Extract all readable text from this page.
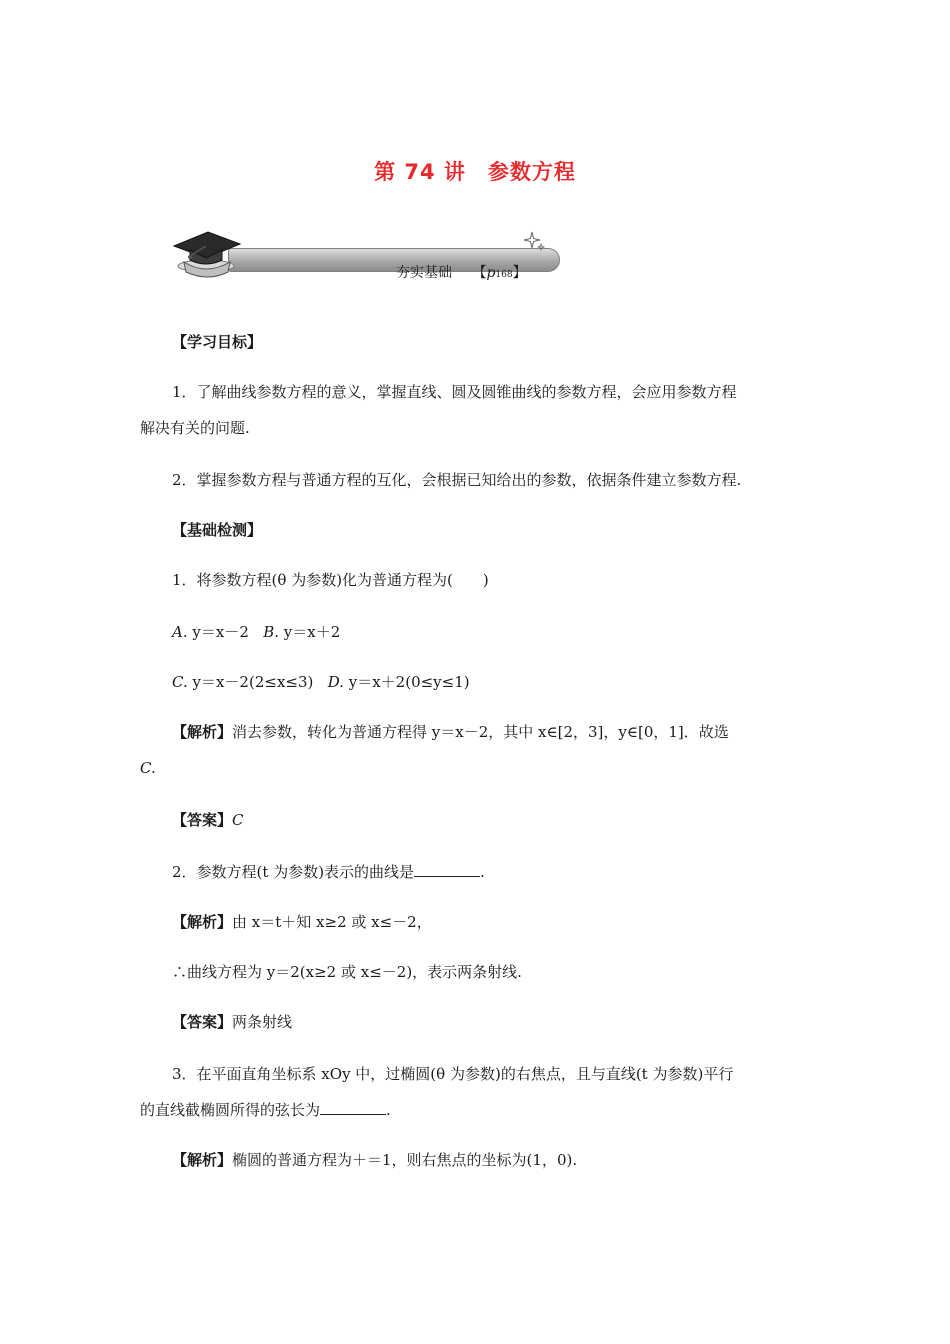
第 74 讲 参数方程
夯实基础 【p168】
【学习目标】
1．了解曲线参数方程的意义，掌握直线、圆及圆锥曲线的参数方程，会应用参数方程
解决有关的问题.
2．掌握参数方程与普通方程的互化，会根据已知给出的参数，依据条件建立参数方程.
【基础检测】
1．将参数方程(θ 为参数)化为普通方程为(　　)
A. y＝x－2 B. y＝x＋2
C. y＝x－2(2≤x≤3) D. y＝x＋2(0≤y≤1)
【解析】消去参数，转化为普通方程得 y＝x－2，其中 x∈[2，3]，y∈[0，1]．故选
C.
【答案】C
2．参数方程(t 为参数)表示的曲线是	.
【解析】由 x＝t＋知 x≥2 或 x≤－2，
∴曲线方程为 y＝2(x≥2 或 x≤－2)，表示两条射线.
【答案】两条射线
3．在平面直角坐标系 xOy 中，过椭圆(θ 为参数)的右焦点，且与直线(t 为参数)平行
的直线截椭圆所得的弦长为	.
【解析】椭圆的普通方程为＋＝1，则右焦点的坐标为(1，0).
